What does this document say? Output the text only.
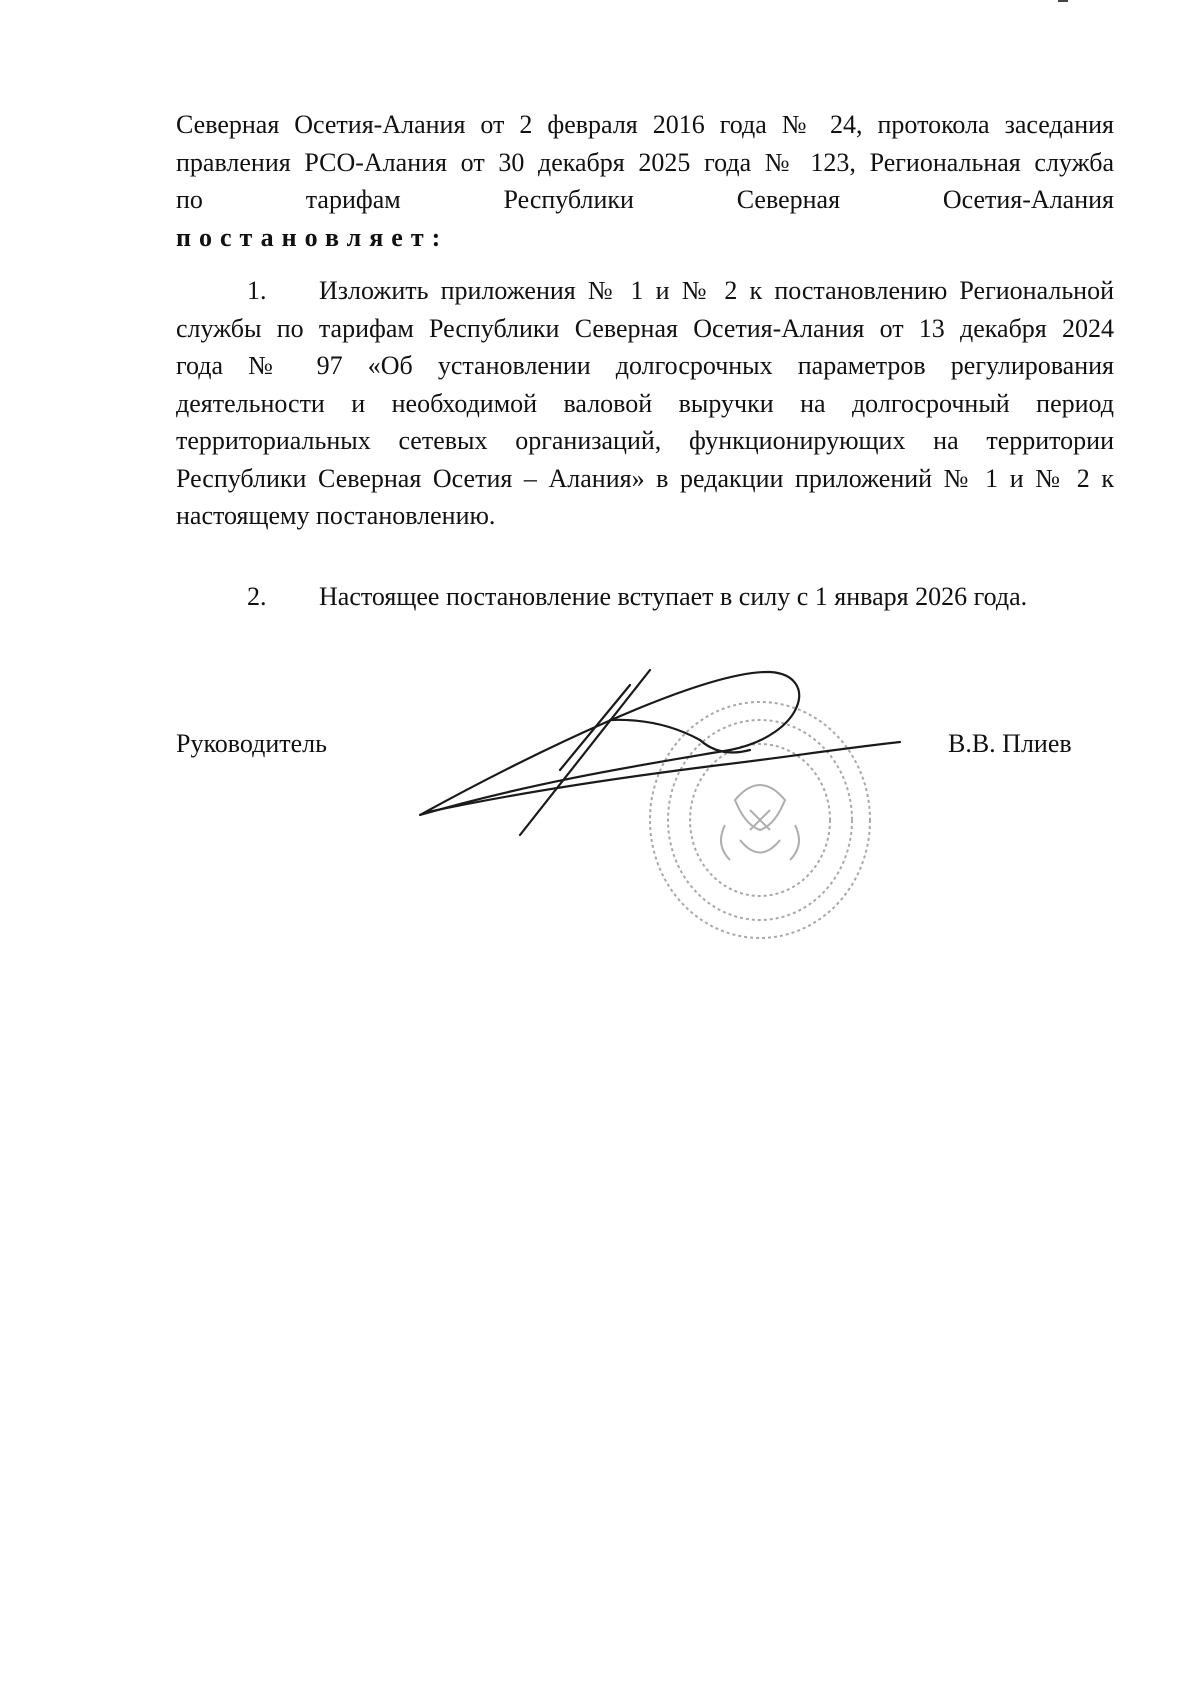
Северная Осетия-Алания от 2 февраля 2016 года № 24, протокола заседания

правления РСО-Алания от 30 декабря 2025 года № 123, Региональная служба

по тарифам Республики Северная Осетия-Алания

постановляет:

1.	Изложить приложения № 1 и № 2 к постановлению Региональной

службы по тарифам Республики Северная Осетия-Алания от 13 декабря 2024

года № 97 «Об установлении долгосрочных параметров регулирования

деятельности и необходимой валовой выручки на долгосрочный период

территориальных сетевых организаций, функционирующих на территории

Республики Северная Осетия – Алания» в редакции приложений № 1 и № 2 к

настоящему постановлению.

2.	Настоящее постановление вступает в силу с 1 января 2026 года.

Руководитель	В.В. Плиев
